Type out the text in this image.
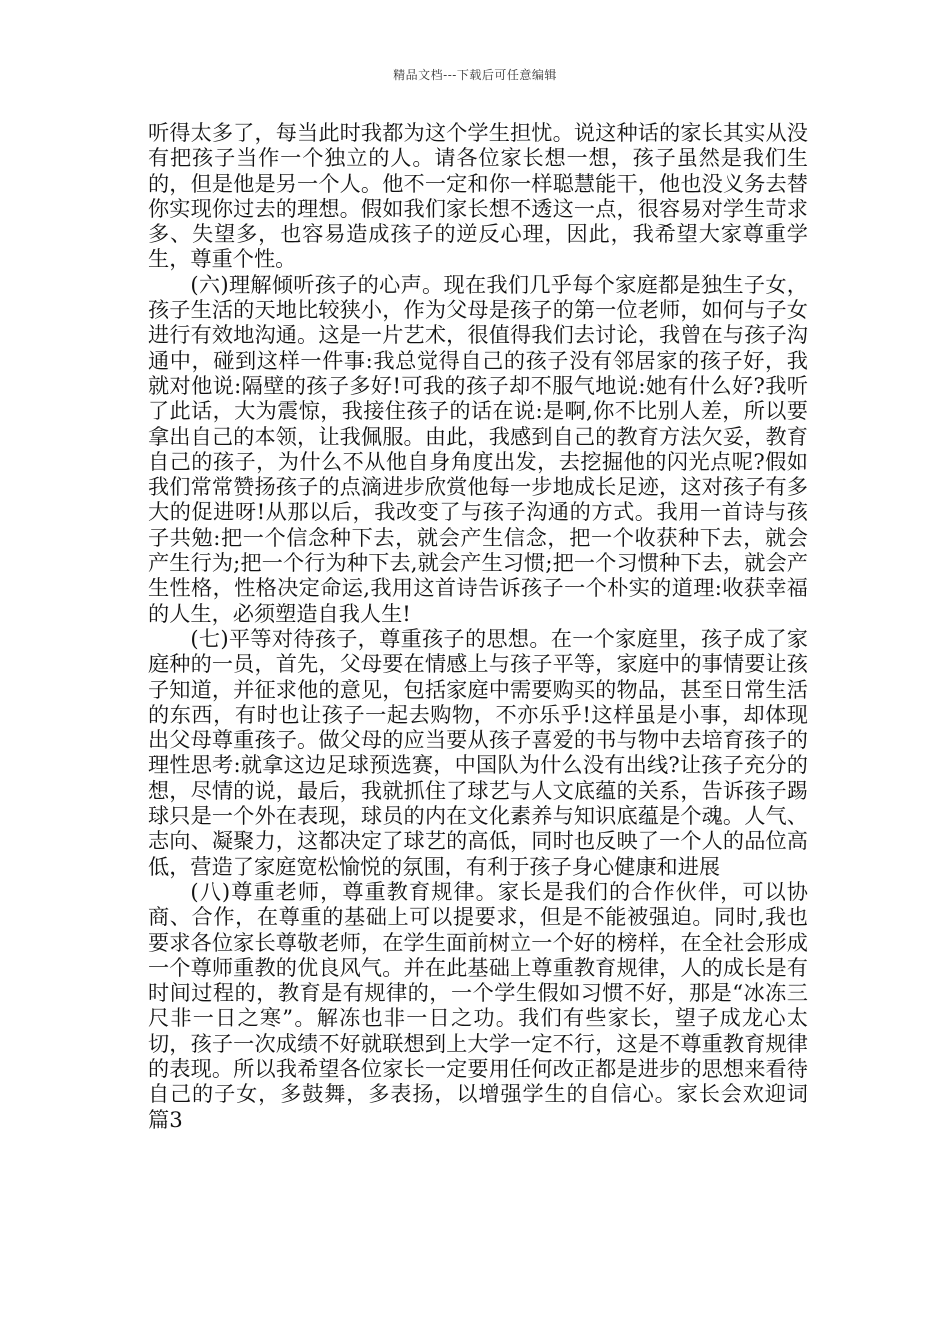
精品文档---下载后可任意编辑

听得太多了，每当此时我都为这个学生担忧。说这种话的家长其实从没有把孩子当作一个独立的人。请各位家长想一想，孩子虽然是我们生的，但是他是另一个人。他不一定和你一样聪慧能干，他也没义务去替你实现你过去的理想。假如我们家长想不透这一点，很容易对学生苛求多、失望多，也容易造成孩子的逆反心理，因此，我希望大家尊重学生，尊重个性。

(六)理解倾听孩子的心声。现在我们几乎每个家庭都是独生子女，孩子生活的天地比较狭小，作为父母是孩子的第一位老师，如何与子女进行有效地沟通。这是一片艺术，很值得我们去讨论，我曾在与孩子沟通中，碰到这样一件事:我总觉得自己的孩子没有邻居家的孩子好，我就对他说:隔壁的孩子多好!可我的孩子却不服气地说:她有什么好?我听了此话，大为震惊，我接住孩子的话在说:是啊,你不比别人差，所以要拿出自己的本领，让我佩服。由此，我感到自己的教育方法欠妥，教育自己的孩子，为什么不从他自身角度出发，去挖掘他的闪光点呢?假如我们常常赞扬孩子的点滴进步欣赏他每一步地成长足迹，这对孩子有多大的促进呀!从那以后，我改变了与孩子沟通的方式。我用一首诗与孩子共勉:把一个信念种下去，就会产生信念，把一个收获种下去，就会产生行为;把一个行为种下去,就会产生习惯;把一个习惯种下去，就会产生性格，性格决定命运,我用这首诗告诉孩子一个朴实的道理:收获幸福的人生，必须塑造自我人生!

(七)平等对待孩子，尊重孩子的思想。在一个家庭里，孩子成了家庭种的一员，首先，父母要在情感上与孩子平等，家庭中的事情要让孩子知道，并征求他的意见，包括家庭中需要购买的物品，甚至日常生活的东西，有时也让孩子一起去购物，不亦乐乎!这样虽是小事，却体现出父母尊重孩子。做父母的应当要从孩子喜爱的书与物中去培育孩子的理性思考:就拿这边足球预选赛，中国队为什么没有出线?让孩子充分的想，尽情的说，最后，我就抓住了球艺与人文底蕴的关系，告诉孩子踢球只是一个外在表现，球员的内在文化素养与知识底蕴是个魂。人气、志向、凝聚力，这都决定了球艺的高低，同时也反映了一个人的品位高低，营造了家庭宽松愉悦的氛围，有利于孩子身心健康和进展

(八)尊重老师，尊重教育规律。家长是我们的合作伙伴，可以协商、合作，在尊重的基础上可以提要求，但是不能被强迫。同时,我也要求各位家长尊敬老师，在学生面前树立一个好的榜样，在全社会形成一个尊师重教的优良风气。并在此基础上尊重教育规律，人的成长是有时间过程的，教育是有规律的，一个学生假如习惯不好，那是“冰冻三尺非一日之寒”。解冻也非一日之功。我们有些家长，望子成龙心太切，孩子一次成绩不好就联想到上大学一定不行，这是不尊重教育规律的表现。所以我希望各位家长一定要用任何改正都是进步的思想来看待自己的子女，多鼓舞，多表扬，以增强学生的自信心。家长会欢迎词 篇3
